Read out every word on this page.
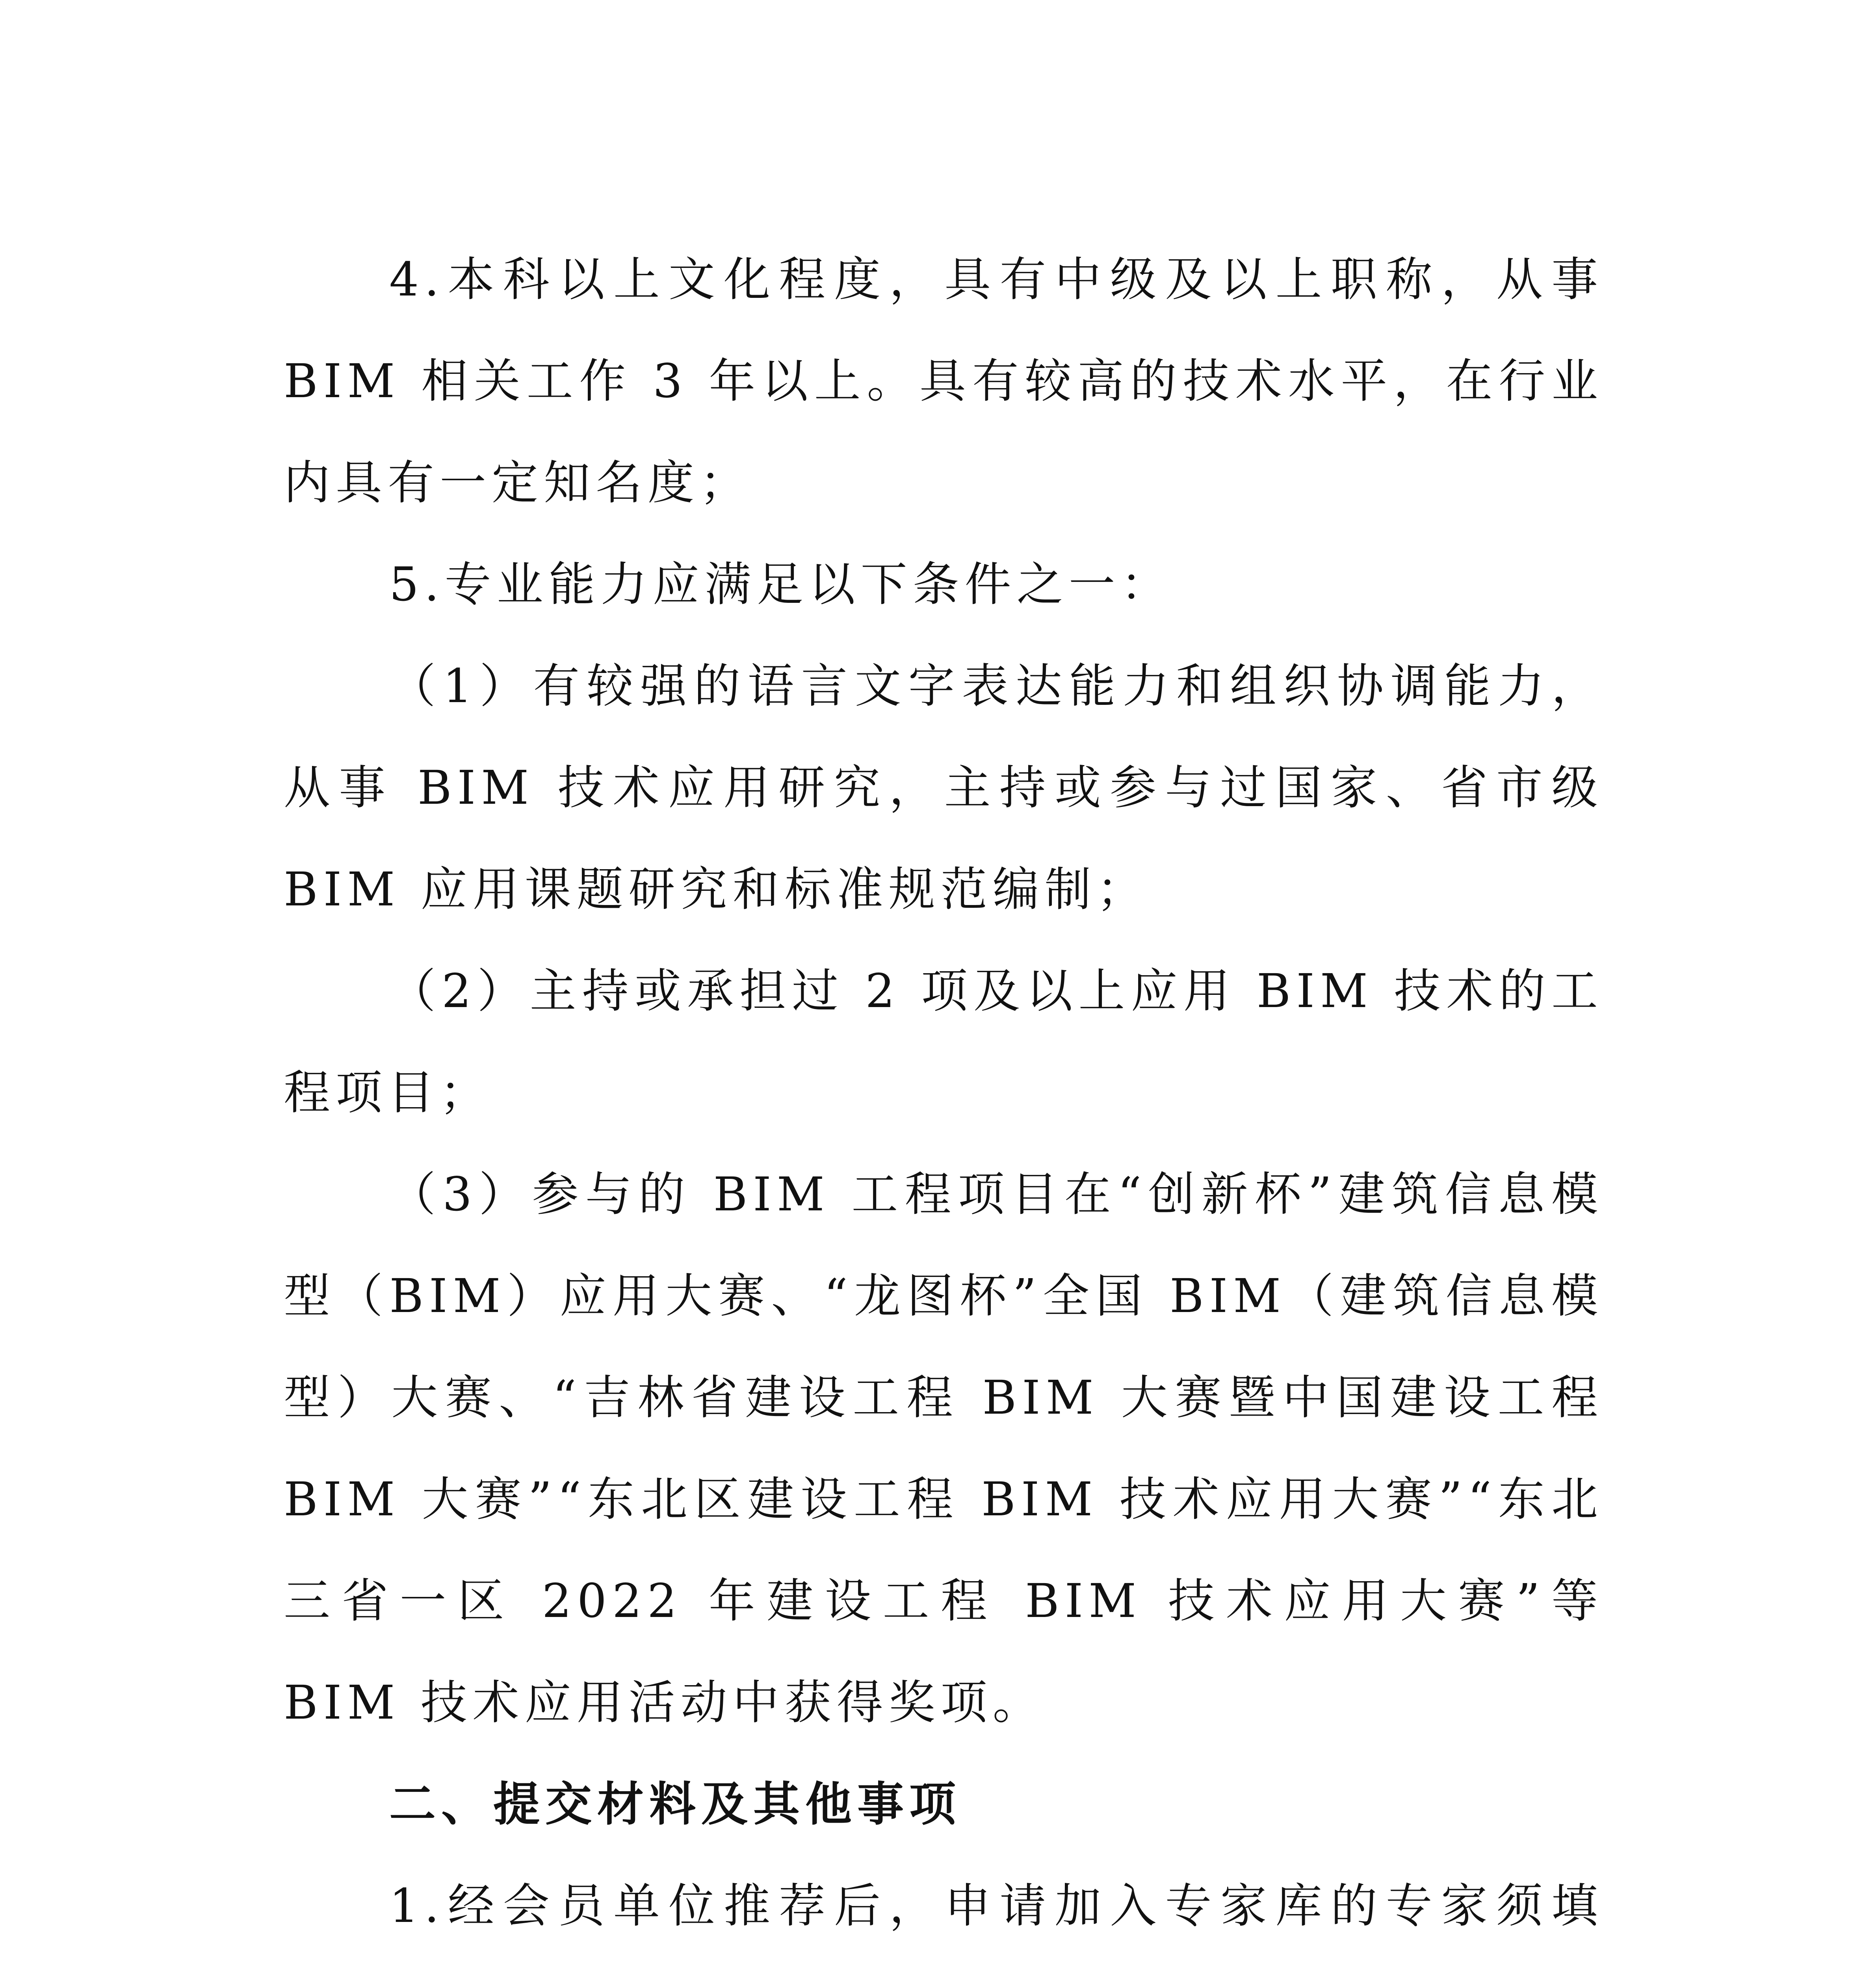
4.本科以上文化程度，具有中级及以上职称，从事 BIM 相关工作 3 年以上。具有较高的技术水平，在行业内具有一定知名度；

5.专业能力应满足以下条件之一：

（1）有较强的语言文字表达能力和组织协调能力，从事 BIM 技术应用研究，主持或参与过国家、省市级 BIM 应用课题研究和标准规范编制；

（2）主持或承担过 2 项及以上应用 BIM 技术的工程项目；

（3）参与的 BIM 工程项目在“创新杯”建筑信息模型（BIM）应用大赛、“龙图杯”全国 BIM（建筑信息模型）大赛、“吉林省建设工程 BIM 大赛暨中国建设工程 BIM 大赛”“东北区建设工程 BIM 技术应用大赛”“东北三省一区 2022 年建设工程 BIM 技术应用大赛”等 BIM 技术应用活动中获得奖项。

二、提交材料及其他事项

1.经会员单位推荐后，申请加入专家库的专家须填
